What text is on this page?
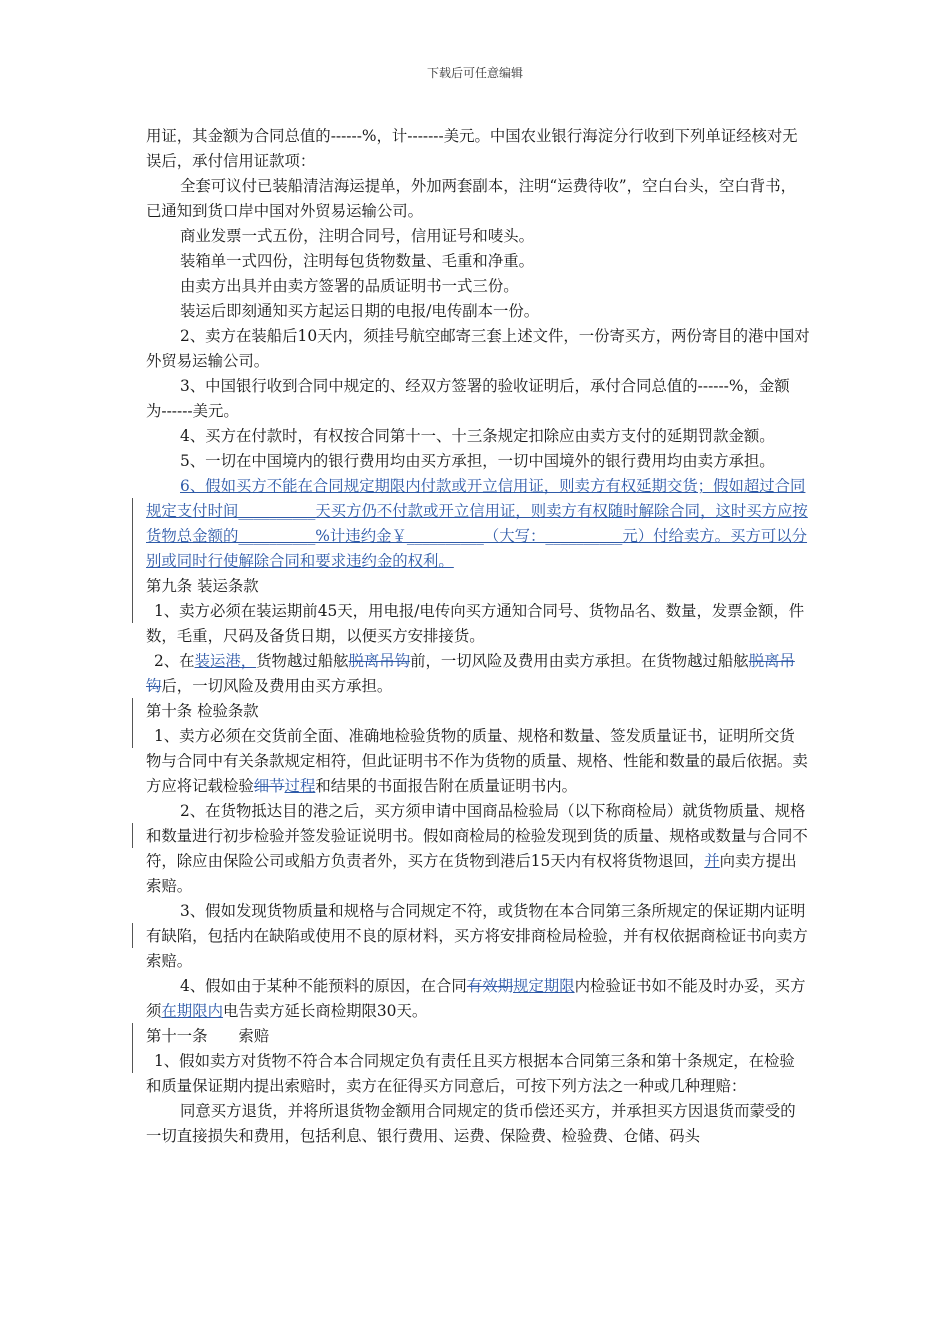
下载后可任意编辑

用证，其金额为合同总值的------%，计-------美元。中国农业银行海淀分行收到下列单证经核对无误后，承付信用证款项：

全套可议付已装船清洁海运提单，外加两套副本，注明“运费待收”，空白台头，空白背书，已通知到货口岸中国对外贸易运输公司。

商业发票一式五份，注明合同号，信用证号和唛头。

装箱单一式四份，注明每包货物数量、毛重和净重。

由卖方出具并由卖方签署的品质证明书一式三份。

装运后即刻通知买方起运日期的电报/电传副本一份。

2、卖方在装船后10天内，须挂号航空邮寄三套上述文件，一份寄买方，两份寄目的港中国对外贸易运输公司。

3、中国银行收到合同中规定的、经双方签署的验收证明后，承付合同总值的------%，金额为------美元。

4、买方在付款时，有权按合同第十一、十三条规定扣除应由卖方支付的延期罚款金额。

5、一切在中国境内的银行费用均由买方承担，一切中国境外的银行费用均由卖方承担。

6、假如买方不能在合同规定期限内付款或开立信用证，则卖方有权延期交货；假如超过合同规定支付时间__________天买方仍不付款或开立信用证，则卖方有权随时解除合同，这时买方应按货物总金额的__________%计违约金￥__________（大写：__________元）付给卖方。买方可以分别或同时行使解除合同和要求违约金的权利。

第九条 装运条款

1、卖方必须在装运期前45天，用电报/电传向买方通知合同号、货物品名、数量，发票金额，件数，毛重，尺码及备货日期，以便买方安排接货。

2、在装运港，货物越过船舷脱离吊钩前，一切风险及费用由卖方承担。在货物越过船舷脱离吊钩后，一切风险及费用由买方承担。

第十条 检验条款

1、卖方必须在交货前全面、准确地检验货物的质量、规格和数量、签发质量证书，证明所交货物与合同中有关条款规定相符，但此证明书不作为货物的质量、规格、性能和数量的最后依据。卖方应将记载检验细节过程和结果的书面报告附在质量证明书内。

2、在货物抵达目的港之后，买方须申请中国商品检验局（以下称商检局）就货物质量、规格和数量进行初步检验并签发验证说明书。假如商检局的检验发现到货的质量、规格或数量与合同不符，除应由保险公司或船方负责者外，买方在货物到港后15天内有权将货物退回，并向卖方提出索赔。

3、假如发现货物质量和规格与合同规定不符，或货物在本合同第三条所规定的保证期内证明有缺陷，包括内在缺陷或使用不良的原材料，买方将安排商检局检验，并有权依据商检证书向卖方索赔。

4、假如由于某种不能预料的原因，在合同有效期规定期限内检验证书如不能及时办妥，买方须在期限内电告卖方延长商检期限30天。

第十一条　　索赔

1、假如卖方对货物不符合本合同规定负有责任且买方根据本合同第三条和第十条规定，在检验和质量保证期内提出索赔时，卖方在征得买方同意后，可按下列方法之一种或几种理赔：

同意买方退货，并将所退货物金额用合同规定的货币偿还买方，并承担买方因退货而蒙受的一切直接损失和费用，包括利息、银行费用、运费、保险费、检验费、仓储、码头
